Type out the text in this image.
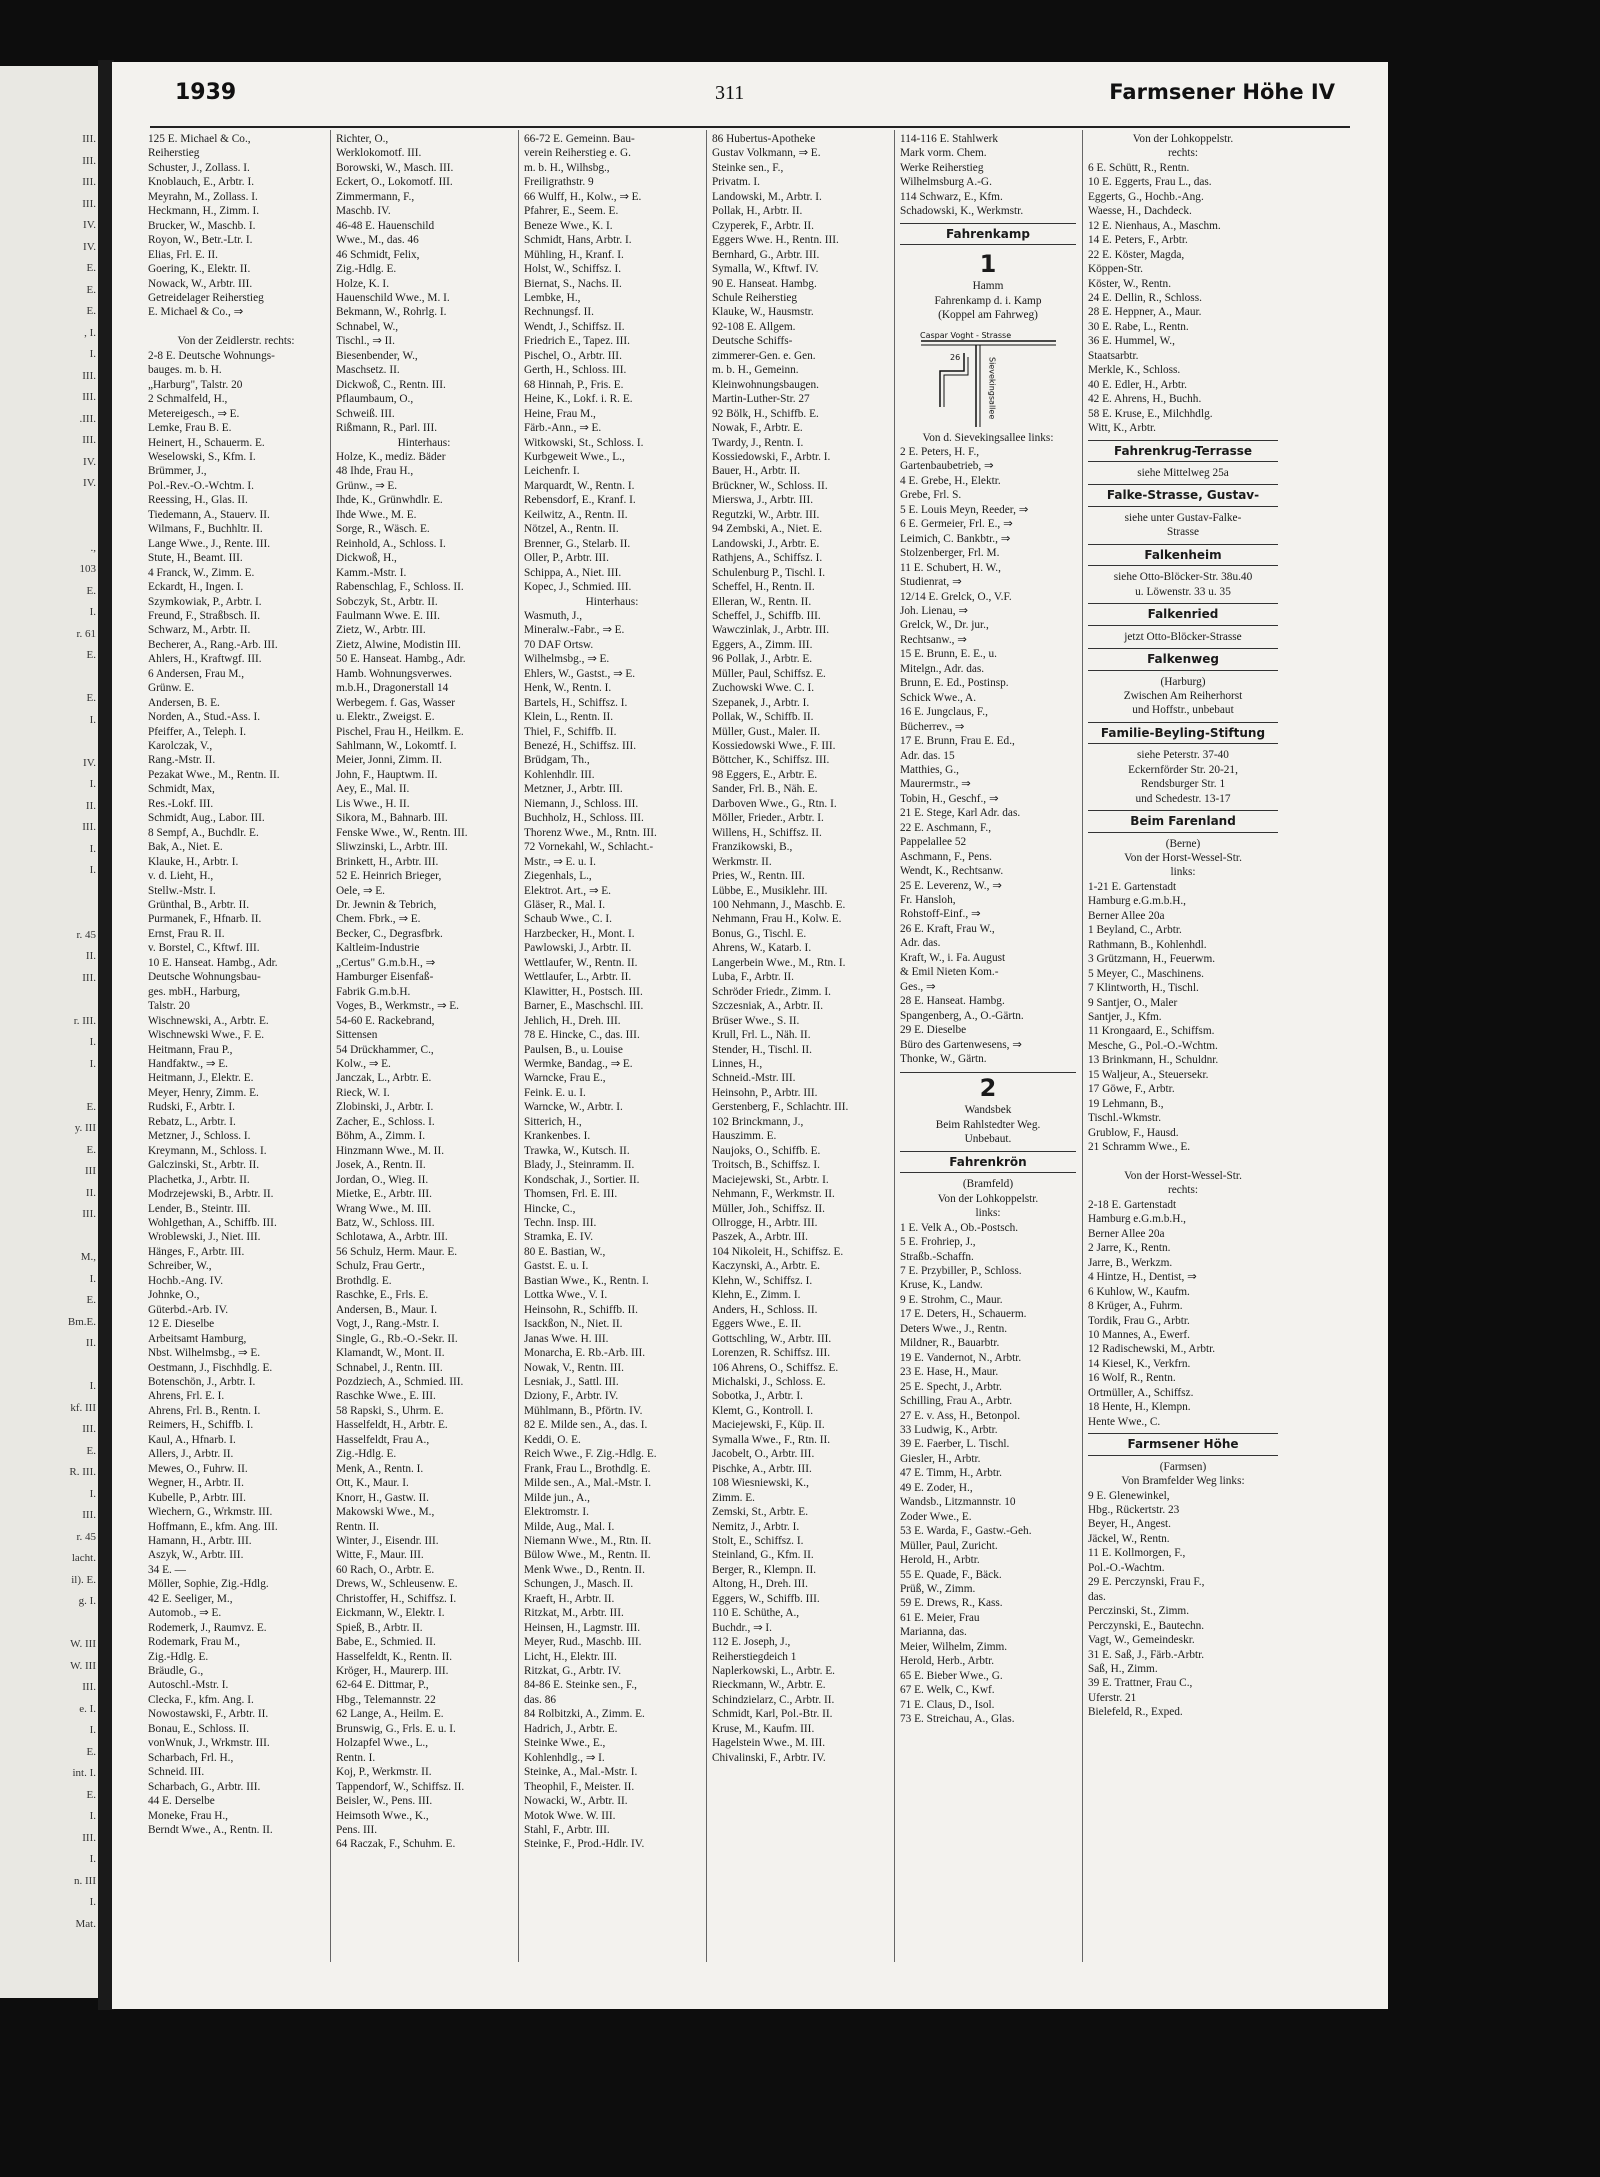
III.
III.
III.
III.
IV.
IV.
E.
E.
E.
, I.
I.
III.
III.
.III.
III.
IV.
IV.

.,
103
E.
I.
r. 61
E.

E.
I.

IV.
I.
II.
III.
I.
I.

r. 45
II.
III.

r. III.
I.
I.

E.
y. III
E.
III
II.
III.

M.,
I.
E.
Bm.E.
II.

I.
kf. III
III.
E.
R. III.
I.
III.
r. 45
lacht.
il). E.
g. I.

W. III
W. III
III.
e. I.
I.
E.
int. I.
E.
I.
III.
I.
n. III
I.
Mat.
1939	311	Farmsener Höhe IV
125 E. Michael & Co.,
Reiherstieg
Schuster, J., Zollass. I.
Knoblauch, E., Arbtr. I.
Meyrahn, M., Zollass. I.
Heckmann, H., Zimm. I.
Brucker, W., Maschb. I.
Royon, W., Betr.-Ltr. I.
Elias, Frl. E. II.
Goering, K., Elektr. II.
Nowack, W., Arbtr. III.
Getreidelager Reiherstieg
E. Michael & Co., ⇒

Von der Zeidlerstr. rechts:
2-8 E. Deutsche Wohnungs-
bauges. m. b. H.
„Harburg", Talstr. 20
2 Schmalfeld, H.,
Metereigesch., ⇒ E.
Lemke, Frau B. E.
Heinert, H., Schauerm. E.
Weselowski, S., Kfm. I.
Brümmer, J.,
Pol.-Rev.-O.-Wchtm. I.
Reessing, H., Glas. II.
Tiedemann, A., Stauerv. II.
Wilmans, F., Buchhltr. II.
Lange Wwe., J., Rente. III.
Stute, H., Beamt. III.
4 Franck, W., Zimm. E.
Eckardt, H., Ingen. I.
Szymkowiak, P., Arbtr. I.
Freund, F., Straßbsch. II.
Schwarz, M., Arbtr. II.
Becherer, A., Rang.-Arb. III.
Ahlers, H., Kraftwgf. III.
6 Andersen, Frau M.,
Grünw. E.
Andersen, B. E.
Norden, A., Stud.-Ass. I.
Pfeiffer, A., Teleph. I.
Karolczak, V.,
Rang.-Mstr. II.
Pezakat Wwe., M., Rentn. II.
Schmidt, Max,
Res.-Lokf. III.
Schmidt, Aug., Labor. III.
8 Sempf, A., Buchdlr. E.
Bak, A., Niet. E.
Klauke, H., Arbtr. I.
v. d. Lieht, H.,
Stellw.-Mstr. I.
Grünthal, B., Arbtr. II.
Purmanek, F., Hfnarb. II.
Ernst, Frau R. II.
v. Borstel, C., Kftwf. III.
10 E. Hanseat. Hambg., Adr.
Deutsche Wohnungsbau-
ges. mbH., Harburg,
Talstr. 20
Wischnewski, A., Arbtr. E.
Wischnewski Wwe., F. E.
Heitmann, Frau P.,
Handfaktw., ⇒ E.
Heitmann, J., Elektr. E.
Meyer, Henry, Zimm. E.
Rudski, F., Arbtr. I.
Rebatz, L., Arbtr. I.
Metzner, J., Schloss. I.
Kreymann, M., Schloss. I.
Galczinski, St., Arbtr. II.
Plachetka, J., Arbtr. II.
Modrzejewski, B., Arbtr. II.
Lender, B., Steintr. III.
Wohlgethan, A., Schiffb. III.
Wroblewski, J., Niet. III.
Hänges, F., Arbtr. III.
Schreiber, W.,
Hochb.-Ang. IV.
Johnke, O.,
Güterbd.-Arb. IV.
12 E. Dieselbe
Arbeitsamt Hamburg,
Nbst. Wilhelmsbg., ⇒ E.
Oestmann, J., Fischhdlg. E.
Botenschön, J., Arbtr. I.
Ahrens, Frl. E. I.
Ahrens, Frl. B., Rentn. I.
Reimers, H., Schiffb. I.
Kaul, A., Hfnarb. I.
Allers, J., Arbtr. II.
Mewes, O., Fuhrw. II.
Wegner, H., Arbtr. II.
Kubelle, P., Arbtr. III.
Wiechern, G., Wrkmstr. III.
Hoffmann, E., kfm. Ang. III.
Hamann, H., Arbtr. III.
Aszyk, W., Arbtr. III.
34 E. —
Möller, Sophie, Zig.-Hdlg.
42 E. Seeliger, M.,
Automob., ⇒ E.
Rodemerk, J., Raumvz. E.
Rodemark, Frau M.,
Zig.-Hdlg. E.
Bräudle, G.,
Autoschl.-Mstr. I.
Clecka, F., kfm. Ang. I.
Nowostawski, F., Arbtr. II.
Bonau, E., Schloss. II.
vonWnuk, J., Wrkmstr. III.
Scharbach, Frl. H.,
Schneid. III.
Scharbach, G., Arbtr. III.
44 E. Derselbe
Moneke, Frau H.,
Berndt Wwe., A., Rentn. II.
Richter, O.,
Werklokomotf. III.
Borowski, W., Masch. III.
Eckert, O., Lokomotf. III.
Zimmermann, F.,
Maschb. IV.
46-48 E. Hauenschild
Wwe., M., das. 46
46 Schmidt, Felix,
Zig.-Hdlg. E.
Holze, K. I.
Hauenschild Wwe., M. I.
Bekmann, W., Rohrlg. I.
Schnabel, W.,
Tischl., ⇒ II.
Biesenbender, W.,
Maschsetz. II.
Dickwoß, C., Rentn. III.
Pflaumbaum, O.,
Schweiß. III.
Rißmann, R., Parl. III.
Hinterhaus:
Holze, K., mediz. Bäder
48 Ihde, Frau H.,
Grünw., ⇒ E.
Ihde, K., Grünwhdlr. E.
Ihde Wwe., M. E.
Sorge, R., Wäsch. E.
Reinhold, A., Schloss. I.
Dickwoß, H.,
Kamm.-Mstr. I.
Rabenschlag, F., Schloss. II.
Sobczyk, St., Arbtr. II.
Faulmann Wwe. E. III.
Zietz, W., Arbtr. III.
Zietz, Alwine, Modistin III.
50 E. Hanseat. Hambg., Adr.
Hamb. Wohnungsverwes.
m.b.H., Dragonerstall 14
Werbegem. f. Gas, Wasser
u. Elektr., Zweigst. E.
Pischel, Frau H., Heilkm. E.
Sahlmann, W., Lokomtf. I.
Meier, Jonni, Zimm. II.
John, F., Hauptwm. II.
Aey, E., Mal. II.
Lis Wwe., H. II.
Sikora, M., Bahnarb. III.
Fenske Wwe., W., Rentn. III.
Sliwzinski, L., Arbtr. III.
Brinkett, H., Arbtr. III.
52 E. Heinrich Brieger,
Oele, ⇒ E.
Dr. Jewnin & Tebrich,
Chem. Fbrk., ⇒ E.
Becker, C., Degrasfbrk.
Kaltleim-Industrie
„Certus" G.m.b.H., ⇒
Hamburger Eisenfaß-
Fabrik G.m.b.H.
Voges, B., Werkmstr., ⇒ E.
54-60 E. Rackebrand,
Sittensen
54 Drückhammer, C.,
Kolw., ⇒ E.
Janczak, L., Arbtr. E.
Rieck, W. I.
Zlobinski, J., Arbtr. I.
Zacher, E., Schloss. I.
Böhm, A., Zimm. I.
Hinzmann Wwe., M. II.
Josek, A., Rentn. II.
Jordan, O., Wieg. II.
Mietke, E., Arbtr. III.
Wrang Wwe., M. III.
Batz, W., Schloss. III.
Schlotawa, A., Arbtr. III.
56 Schulz, Herm. Maur. E.
Schulz, Frau Gertr.,
Brothdlg. E.
Raschke, E., Frls. E.
Andersen, B., Maur. I.
Vogt, J., Rang.-Mstr. I.
Single, G., Rb.-O.-Sekr. II.
Klamandt, W., Mont. II.
Schnabel, J., Rentn. III.
Pozdziech, A., Schmied. III.
Raschke Wwe., E. III.
58 Rapski, S., Uhrm. E.
Hasselfeldt, H., Arbtr. E.
Hasselfeldt, Frau A.,
Zig.-Hdlg. E.
Menk, A., Rentn. I.
Ott, K., Maur. I.
Knorr, H., Gastw. II.
Makowski Wwe., M.,
Rentn. II.
Winter, J., Eisendr. III.
Witte, F., Maur. III.
60 Rach, O., Arbtr. E.
Drews, W., Schleusenw. E.
Christoffer, H., Schiffsz. I.
Eickmann, W., Elektr. I.
Spieß, B., Arbtr. II.
Babe, E., Schmied. II.
Hasselfeldt, K., Rentn. II.
Kröger, H., Maurerp. III.
62-64 E. Dittmar, P.,
Hbg., Telemannstr. 22
62 Lange, A., Heilm. E.
Brunswig, G., Frls. E. u. I.
Holzapfel Wwe., L.,
Rentn. I.
Koj, P., Werkmstr. II.
Tappendorf, W., Schiffsz. II.
Beisler, W., Pens. III.
Heimsoth Wwe., K.,
Pens. III.
64 Raczak, F., Schuhm. E.
66-72 E. Gemeinn. Bau-
verein Reiherstieg e. G.
m. b. H., Wilhsbg.,
Freiligrathstr. 9
66 Wulff, H., Kolw., ⇒ E.
Pfahrer, E., Seem. E.
Beneze Wwe., K. I.
Schmidt, Hans, Arbtr. I.
Mühling, H., Kranf. I.
Holst, W., Schiffsz. I.
Biernat, S., Nachs. II.
Lembke, H.,
Rechnungsf. II.
Wendt, J., Schiffsz. II.
Friedrich E., Tapez. III.
Pischel, O., Arbtr. III.
Gerth, H., Schloss. III.
68 Hinnah, P., Fris. E.
Heine, K., Lokf. i. R. E.
Heine, Frau M.,
Färb.-Ann., ⇒ E.
Witkowski, St., Schloss. I.
Kurbgeweit Wwe., L.,
Leichenfr. I.
Marquardt, W., Rentn. I.
Rebensdorf, E., Kranf. I.
Keilwitz, A., Rentn. II.
Nötzel, A., Rentn. II.
Brenner, G., Stelarb. II.
Oller, P., Arbtr. III.
Schippa, A., Niet. III.
Kopec, J., Schmied. III.
Hinterhaus:
Wasmuth, J.,
Mineralw.-Fabr., ⇒ E.
70 DAF Ortsw.
Wilhelmsbg., ⇒ E.
Ehlers, W., Gastst., ⇒ E.
Henk, W., Rentn. I.
Bartels, H., Schiffsz. I.
Klein, L., Rentn. II.
Thiel, F., Schiffb. II.
Benezé, H., Schiffsz. III.
Brüdgam, Th.,
Kohlenhdlr. III.
Metzner, J., Arbtr. III.
Niemann, J., Schloss. III.
Buchholz, H., Schloss. III.
Thorenz Wwe., M., Rntn. III.
72 Vornekahl, W., Schlacht.-
Mstr., ⇒ E. u. I.
Ziegenhals, L.,
Elektrot. Art., ⇒ E.
Gläser, R., Mal. I.
Schaub Wwe., C. I.
Harzbecker, H., Mont. I.
Pawlowski, J., Arbtr. II.
Wettlaufer, W., Rentn. II.
Wettlaufer, L., Arbtr. II.
Klawitter, H., Postsch. III.
Barner, E., Maschschl. III.
Jehlich, H., Dreh. III.
78 E. Hincke, C., das. III.
Paulsen, B., u. Louise
Wermke, Bandag., ⇒ E.
Warncke, Frau E.,
Feink. E. u. I.
Warncke, W., Arbtr. I.
Sitterich, H.,
Krankenbes. I.
Trawka, W., Kutsch. II.
Blady, J., Steinramm. II.
Kondschak, J., Sortier. II.
Thomsen, Frl. E. III.
Hincke, C.,
Techn. Insp. III.
Stramka, E. IV.
80 E. Bastian, W.,
Gastst. E. u. I.
Bastian Wwe., K., Rentn. I.
Lottka Wwe., V. I.
Heinsohn, R., Schiffb. II.
Isackßon, N., Niet. II.
Janas Wwe. H. III.
Monarcha, E. Rb.-Arb. III.
Nowak, V., Rentn. III.
Lesniak, J., Sattl. III.
Dziony, F., Arbtr. IV.
Mühlmann, B., Pförtn. IV.
82 E. Milde sen., A., das. I.
Keddi, O. E.
Reich Wwe., F. Zig.-Hdlg. E.
Frank, Frau L., Brothdlg. E.
Milde sen., A., Mal.-Mstr. I.
Milde jun., A.,
Elektromstr. I.
Milde, Aug., Mal. I.
Niemann Wwe., M., Rtn. II.
Bülow Wwe., M., Rentn. II.
Menk Wwe., D., Rentn. II.
Schungen, J., Masch. II.
Kraeft, H., Arbtr. II.
Ritzkat, M., Arbtr. III.
Heinsen, H., Lagmstr. III.
Meyer, Rud., Maschb. III.
Licht, H., Elektr. III.
Ritzkat, G., Arbtr. IV.
84-86 E. Steinke sen., F.,
das. 86
84 Rolbitzki, A., Zimm. E.
Hadrich, J., Arbtr. E.
Steinke Wwe., E.,
Kohlenhdlg., ⇒ I.
Steinke, A., Mal.-Mstr. I.
Theophil, F., Meister. II.
Nowacki, W., Arbtr. II.
Motok Wwe. W. III.
Stahl, F., Arbtr. III.
Steinke, F., Prod.-Hdlr. IV.
86 Hubertus-Apotheke
Gustav Volkmann, ⇒ E.
Steinke sen., F.,
Privatm. I.
Landowski, M., Arbtr. I.
Pollak, H., Arbtr. II.
Czyperek, F., Arbtr. II.
Eggers Wwe. H., Rentn. III.
Bernhard, G., Arbtr. III.
Symalla, W., Kftwf. IV.
90 E. Hanseat. Hambg.
Schule Reiherstieg
Klauke, W., Hausmstr.
92-108 E. Allgem.
Deutsche Schiffs-
zimmerer-Gen. e. Gen.
m. b. H., Gemeinn.
Kleinwohnungsbaugen.
Martin-Luther-Str. 27
92 Bölk, H., Schiffb. E.
Nowak, F., Arbtr. E.
Twardy, J., Rentn. I.
Kossiedowski, F., Arbtr. I.
Bauer, H., Arbtr. II.
Brückner, W., Schloss. II.
Mierswa, J., Arbtr. III.
Regutzki, W., Arbtr. III.
94 Zembski, A., Niet. E.
Landowski, J., Arbtr. E.
Rathjens, A., Schiffsz. I.
Schulenburg P., Tischl. I.
Scheffel, H., Rentn. II.
Elleran, W., Rentn. II.
Scheffel, J., Schiffb. III.
Wawczinlak, J., Arbtr. III.
Eggers, A., Zimm. III.
96 Pollak, J., Arbtr. E.
Müller, Paul, Schiffsz. E.
Zuchowski Wwe. C. I.
Szepanek, J., Arbtr. I.
Pollak, W., Schiffb. II.
Müller, Gust., Maler. II.
Kossiedowski Wwe., F. III.
Böttcher, K., Schiffsz. III.
98 Eggers, E., Arbtr. E.
Sander, Frl. B., Näh. E.
Darboven Wwe., G., Rtn. I.
Möller, Frieder., Arbtr. I.
Willens, H., Schiffsz. II.
Franzikowski, B.,
Werkmstr. II.
Pries, W., Rentn. III.
Lübbe, E., Musiklehr. III.
100 Nehmann, J., Maschb. E.
Nehmann, Frau H., Kolw. E.
Bonus, G., Tischl. E.
Ahrens, W., Katarb. I.
Langerbein Wwe., M., Rtn. I.
Luba, F., Arbtr. II.
Schröder Friedr., Zimm. I.
Szczesniak, A., Arbtr. II.
Brüser Wwe., S. II.
Krull, Frl. L., Näh. II.
Stender, H., Tischl. II.
Linnes, H.,
Schneid.-Mstr. III.
Heinsohn, P., Arbtr. III.
Gerstenberg, F., Schlachtr. III.
102 Brinckmann, J.,
Hauszimm. E.
Naujoks, O., Schiffb. E.
Troitsch, B., Schiffsz. I.
Maciejewski, St., Arbtr. I.
Nehmann, F., Werkmstr. II.
Müller, Joh., Schiffsz. II.
Ollrogge, H., Arbtr. III.
Paszek, A., Arbtr. III.
104 Nikoleit, H., Schiffsz. E.
Kaczynski, A., Arbtr. E.
Klehn, W., Schiffsz. I.
Klehn, E., Zimm. I.
Anders, H., Schloss. II.
Eggers Wwe., E. II.
Gottschling, W., Arbtr. III.
Lorenzen, R. Schiffsz. III.
106 Ahrens, O., Schiffsz. E.
Michalski, J., Schloss. E.
Sobotka, J., Arbtr. I.
Klemt, G., Kontroll. I.
Maciejewski, F., Küp. II.
Symalla Wwe., F., Rtn. II.
Jacobelt, O., Arbtr. III.
Pischke, A., Arbtr. III.
108 Wiesniewski, K.,
Zimm. E.
Zemski, St., Arbtr. E.
Nemitz, J., Arbtr. I.
Stolt, E., Schiffsz. I.
Steinland, G., Kfm. II.
Berger, R., Klempn. II.
Altong, H., Dreh. III.
Eggers, W., Schiffb. III.
110 E. Schüthe, A.,
Buchdr., ⇒ I.
112 E. Joseph, J.,
Reiherstiegdeich 1
Naplerkowski, L., Arbtr. E.
Rieckmann, W., Arbtr. E.
Schindzielarz, C., Arbtr. II.
Schmidt, Karl, Pol.-Btr. II.
Kruse, M., Kaufm. III.
Hagelstein Wwe., M. III.
Chivalinski, F., Arbtr. IV.
114-116 E. Stahlwerk
Mark vorm. Chem.
Werke Reiherstieg
Wilhelmsburg A.-G.
114 Schwarz, E., Kfm.
Schadowski, K., Werkmstr.
Fahrenkamp
1
Hamm
Fahrenkamp d. i. Kamp
(Koppel am Fahrweg)
Caspar Voght - Strasse
Sievekingsallee
26
Von d. Sievekingsallee links:
2 E. Peters, H. F.,
Gartenbaubetrieb, ⇒
4 E. Grebe, H., Elektr.
Grebe, Frl. S.
5 E. Louis Meyn, Reeder, ⇒
6 E. Germeier, Frl. E., ⇒
Leimich, C. Bankbtr., ⇒
Stolzenberger, Frl. M.
11 E. Schubert, H. W.,
Studienrat, ⇒
12/14 E. Grelck, O., V.F.
Joh. Lienau, ⇒
Grelck, W., Dr. jur.,
Rechtsanw., ⇒
15 E. Brunn, E. E., u.
Mitelgn., Adr. das.
Brunn, E. Ed., Postinsp.
Schick Wwe., A.
16 E. Jungclaus, F.,
Bücherrev., ⇒
17 E. Brunn, Frau E. Ed.,
Adr. das. 15
Matthies, G.,
Maurermstr., ⇒
Tobin, H., Geschf., ⇒
21 E. Stege, Karl Adr. das.
22 E. Aschmann, F.,
Pappelallee 52
Aschmann, F., Pens.
Wendt, K., Rechtsanw.
25 E. Leverenz, W., ⇒
Fr. Hansloh,
Rohstoff-Einf., ⇒
26 E. Kraft, Frau W.,
Adr. das.
Kraft, W., i. Fa. August
& Emil Nieten Kom.-
Ges., ⇒
28 E. Hanseat. Hambg.
Spangenberg, A., O.-Gärtn.
29 E. Dieselbe
Büro des Gartenwesens, ⇒
Thonke, W., Gärtn.
2
Wandsbek
Beim Rahlstedter Weg.
Unbebaut.
Fahrenkrön
(Bramfeld)
Von der Lohkoppelstr.
links:
1 E. Velk A., Ob.-Postsch.
5 E. Frohriep, J.,
Straßb.-Schaffn.
7 E. Przybiller, P., Schloss.
Kruse, K., Landw.
9 E. Strohm, C., Maur.
17 E. Deters, H., Schauerm.
Deters Wwe., J., Rentn.
Mildner, R., Bauarbtr.
19 E. Vandernot, N., Arbtr.
23 E. Hase, H., Maur.
25 E. Specht, J., Arbtr.
Schilling, Frau A., Arbtr.
27 E. v. Ass, H., Betonpol.
33 Ludwig, K., Arbtr.
39 E. Faerber, L. Tischl.
Giesler, H., Arbtr.
47 E. Timm, H., Arbtr.
49 E. Zoder, H.,
Wandsb., Litzmannstr. 10
Zoder Wwe., E.
53 E. Warda, F., Gastw.-Geh.
Müller, Paul, Zuricht.
Herold, H., Arbtr.
55 E. Quade, F., Bäck.
Prüß, W., Zimm.
59 E. Drews, R., Kass.
61 E. Meier, Frau
Marianna, das.
Meier, Wilhelm, Zimm.
Herold, Herb., Arbtr.
65 E. Bieber Wwe., G.
67 E. Welk, C., Kwf.
71 E. Claus, D., Isol.
73 E. Streichau, A., Glas.
Von der Lohkoppelstr.
rechts:
6 E. Schütt, R., Rentn.
10 E. Eggerts, Frau L., das.
Eggerts, G., Hochb.-Ang.
Waesse, H., Dachdeck.
12 E. Nienhaus, A., Maschm.
14 E. Peters, F., Arbtr.
22 E. Köster, Magda,
Köppen-Str.
Köster, W., Rentn.
24 E. Dellin, R., Schloss.
28 E. Heppner, A., Maur.
30 E. Rabe, L., Rentn.
36 E. Hummel, W.,
Staatsarbtr.
Merkle, K., Schloss.
40 E. Edler, H., Arbtr.
42 E. Ahrens, H., Buchh.
58 E. Kruse, E., Milchhdlg.
Witt, K., Arbtr.
Fahrenkrug-Terrasse
siehe Mittelweg 25a
Falke-Strasse, Gustav-
siehe unter Gustav-Falke-
Strasse
Falkenheim
siehe Otto-Blöcker-Str. 38u.40
u. Löwenstr. 33 u. 35
Falkenried
jetzt Otto-Blöcker-Strasse
Falkenweg
(Harburg)
Zwischen Am Reiherhorst
und Hoffstr., unbebaut
Familie-Beyling-Stiftung
siehe Peterstr. 37-40
Eckernförder Str. 20-21,
Rendsburger Str. 1
und Schedestr. 13-17
Beim Farenland
(Berne)
Von der Horst-Wessel-Str.
links:
1-21 E. Gartenstadt
Hamburg e.G.m.b.H.,
Berner Allee 20a
1 Beyland, C., Arbtr.
Rathmann, B., Kohlenhdl.
3 Grützmann, H., Feuerwm.
5 Meyer, C., Maschinens.
7 Klintworth, H., Tischl.
9 Santjer, O., Maler
Santjer, J., Kfm.
11 Krongaard, E., Schiffsm.
Mesche, G., Pol.-O.-Wchtm.
13 Brinkmann, H., Schuldnr.
15 Waljeur, A., Steuersekr.
17 Göwe, F., Arbtr.
19 Lehmann, B.,
Tischl.-Wkmstr.
Grublow, F., Hausd.
21 Schramm Wwe., E.

Von der Horst-Wessel-Str.
rechts:
2-18 E. Gartenstadt
Hamburg e.G.m.b.H.,
Berner Allee 20a
2 Jarre, K., Rentn.
Jarre, B., Werkzm.
4 Hintze, H., Dentist, ⇒
6 Kuhlow, W., Kaufm.
8 Krüger, A., Fuhrm.
Tordik, Frau G., Arbtr.
10 Mannes, A., Ewerf.
12 Radischewski, M., Arbtr.
14 Kiesel, K., Verkfrn.
16 Wolf, R., Rentn.
Ortmüller, A., Schiffsz.
18 Hente, H., Klempn.
Hente Wwe., C.
Farmsener Höhe
(Farmsen)
Von Bramfelder Weg links:
9 E. Glenewinkel,
Hbg., Rückertstr. 23
Beyer, H., Angest.
Jäckel, W., Rentn.
11 E. Kollmorgen, F.,
Pol.-O.-Wachtm.
29 E. Perczynski, Frau F.,
das.
Perczinski, St., Zimm.
Perczynski, E., Bautechn.
Vagt, W., Gemeindeskr.
31 E. Saß, J., Färb.-Arbtr.
Saß, H., Zimm.
39 E. Trattner, Frau C.,
Uferstr. 21
Bielefeld, R., Exped.
